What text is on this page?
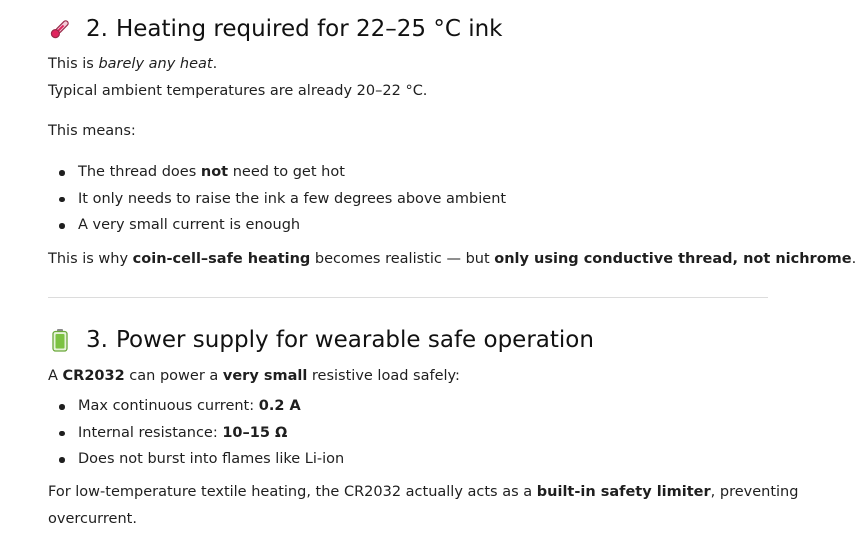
2. Heating required for 22–25 °C ink
This is barely any heat.
Typical ambient temperatures are already 20–22 °C.
This means:
The thread does not need to get hot
It only needs to raise the ink a few degrees above ambient
A very small current is enough
This is why coin-cell–safe heating becomes realistic — but only using conductive thread, not nichrome.
3. Power supply for wearable safe operation
A CR2032 can power a very small resistive load safely:
Max continuous current: 0.2 A
Internal resistance: 10–15 Ω
Does not burst into flames like Li-ion
For low-temperature textile heating, the CR2032 actually acts as a built-in safety limiter, preventing
overcurrent.
